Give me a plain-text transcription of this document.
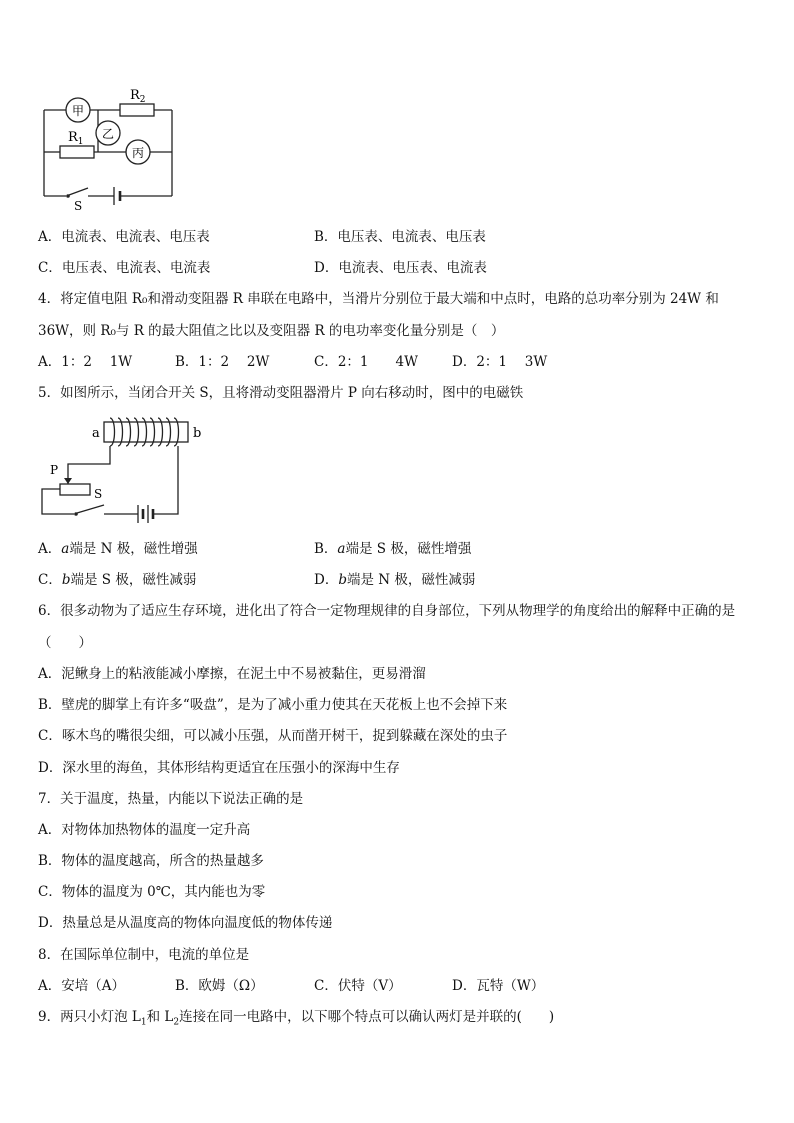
甲
乙
丙
$R_2$
$R_1$
S
A．电流表、电流表、电压表	B．电压表、电流表、电压表
C．电压表、电流表、电流表	D．电流表、电压表、电流表
4．将定值电阻 R₀和滑动变阻器 R 串联在电路中，当滑片分别位于最大端和中点时，电路的总功率分别为 24W 和
36W，则 R₀与 R 的最大阻值之比以及变阻器 R 的电功率变化量分别是（　）
A．1：2　 1W	B．1：2　 2W	C．2：1　　4W	D．2：1　 3W
5．如图所示，当闭合开关 S，且将滑动变阻器滑片 P 向右移动时，图中的电磁铁
a	b
P
S
A．a端是 N 极，磁性增强	B．a端是 S 极，磁性增强
C．b端是 S 极，磁性减弱	D．b端是 N 极，磁性减弱
6．很多动物为了适应生存环境，进化出了符合一定物理规律的自身部位，下列从物理学的角度给出的解释中正确的是
（　　）
A．泥鳅身上的粘液能减小摩擦，在泥土中不易被黏住，更易滑溜
B．壁虎的脚掌上有许多“吸盘”，是为了减小重力使其在天花板上也不会掉下来
C．啄木鸟的嘴很尖细，可以减小压强，从而凿开树干，捉到躲藏在深处的虫子
D．深水里的海鱼，其体形结构更适宜在压强小的深海中生存
7．关于温度，热量，内能以下说法正确的是
A．对物体加热物体的温度一定升高
B．物体的温度越高，所含的热量越多
C．物体的温度为 0℃，其内能也为零
D．热量总是从温度高的物体向温度低的物体传递
8．在国际单位制中，电流的单位是
A．安培（A）	B．欧姆（Ω）	C．伏特（V）	D．瓦特（W）
9．两只小灯泡 $L_1$和 $L_2$连接在同一电路中，以下哪个特点可以确认两灯是并联的(　　)
